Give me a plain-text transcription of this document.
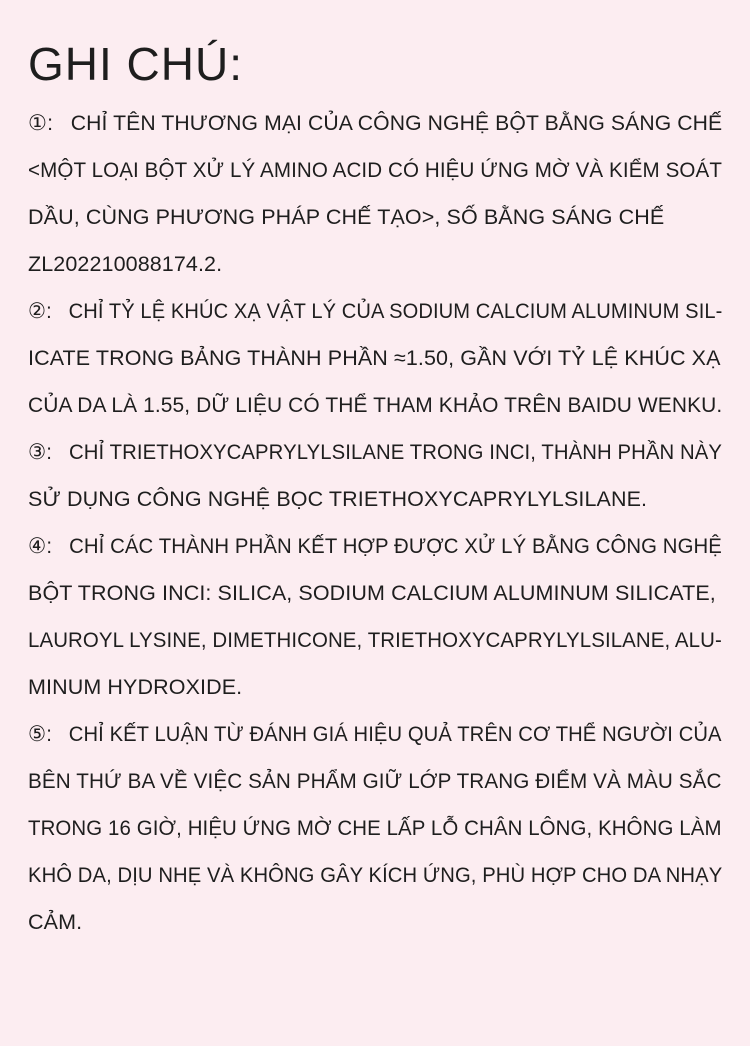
GHI CHÚ:
①: CHỈ TÊN THƯƠNG MẠI CỦA CÔNG NGHỆ BỘT BẰNG SÁNG CHẾ
<MỘT LOẠI BỘT XỬ LÝ AMINO ACID CÓ HIỆU ỨNG MỜ VÀ KIỂM SOÁT
DẦU, CÙNG PHƯƠNG PHÁP CHẾ TẠO>, SỐ BẰNG SÁNG CHẾ
ZL202210088174.2.
②: CHỈ TỶ LỆ KHÚC XẠ VẬT LÝ CỦA SODIUM CALCIUM ALUMINUM SIL-
ICATE TRONG BẢNG THÀNH PHẦN ≈1.50, GẦN VỚI TỶ LỆ KHÚC XẠ
CỦA DA LÀ 1.55, DỮ LIỆU CÓ THỂ THAM KHẢO TRÊN BAIDU WENKU.
③: CHỈ TRIETHOXYCAPRYLYLSILANE TRONG INCI, THÀNH PHẦN NÀY
SỬ DỤNG CÔNG NGHỆ BỌC TRIETHOXYCAPRYLYLSILANE.
④: CHỈ CÁC THÀNH PHẦN KẾT HỢP ĐƯỢC XỬ LÝ BẰNG CÔNG NGHỆ
BỘT TRONG INCI: SILICA, SODIUM CALCIUM ALUMINUM SILICATE,
LAUROYL LYSINE, DIMETHICONE, TRIETHOXYCAPRYLYLSILANE, ALU-
MINUM HYDROXIDE.
⑤: CHỈ KẾT LUẬN TỪ ĐÁNH GIÁ HIỆU QUẢ TRÊN CƠ THỂ NGƯỜI CỦA
BÊN THỨ BA VỀ VIỆC SẢN PHẨM GIỮ LỚP TRANG ĐIỂM VÀ MÀU SẮC
TRONG 16 GIỜ, HIỆU ỨNG MỜ CHE LẤP LỖ CHÂN LÔNG, KHÔNG LÀM
KHÔ DA, DỊU NHẸ VÀ KHÔNG GÂY KÍCH ỨNG, PHÙ HỢP CHO DA NHẠY
CẢM.
